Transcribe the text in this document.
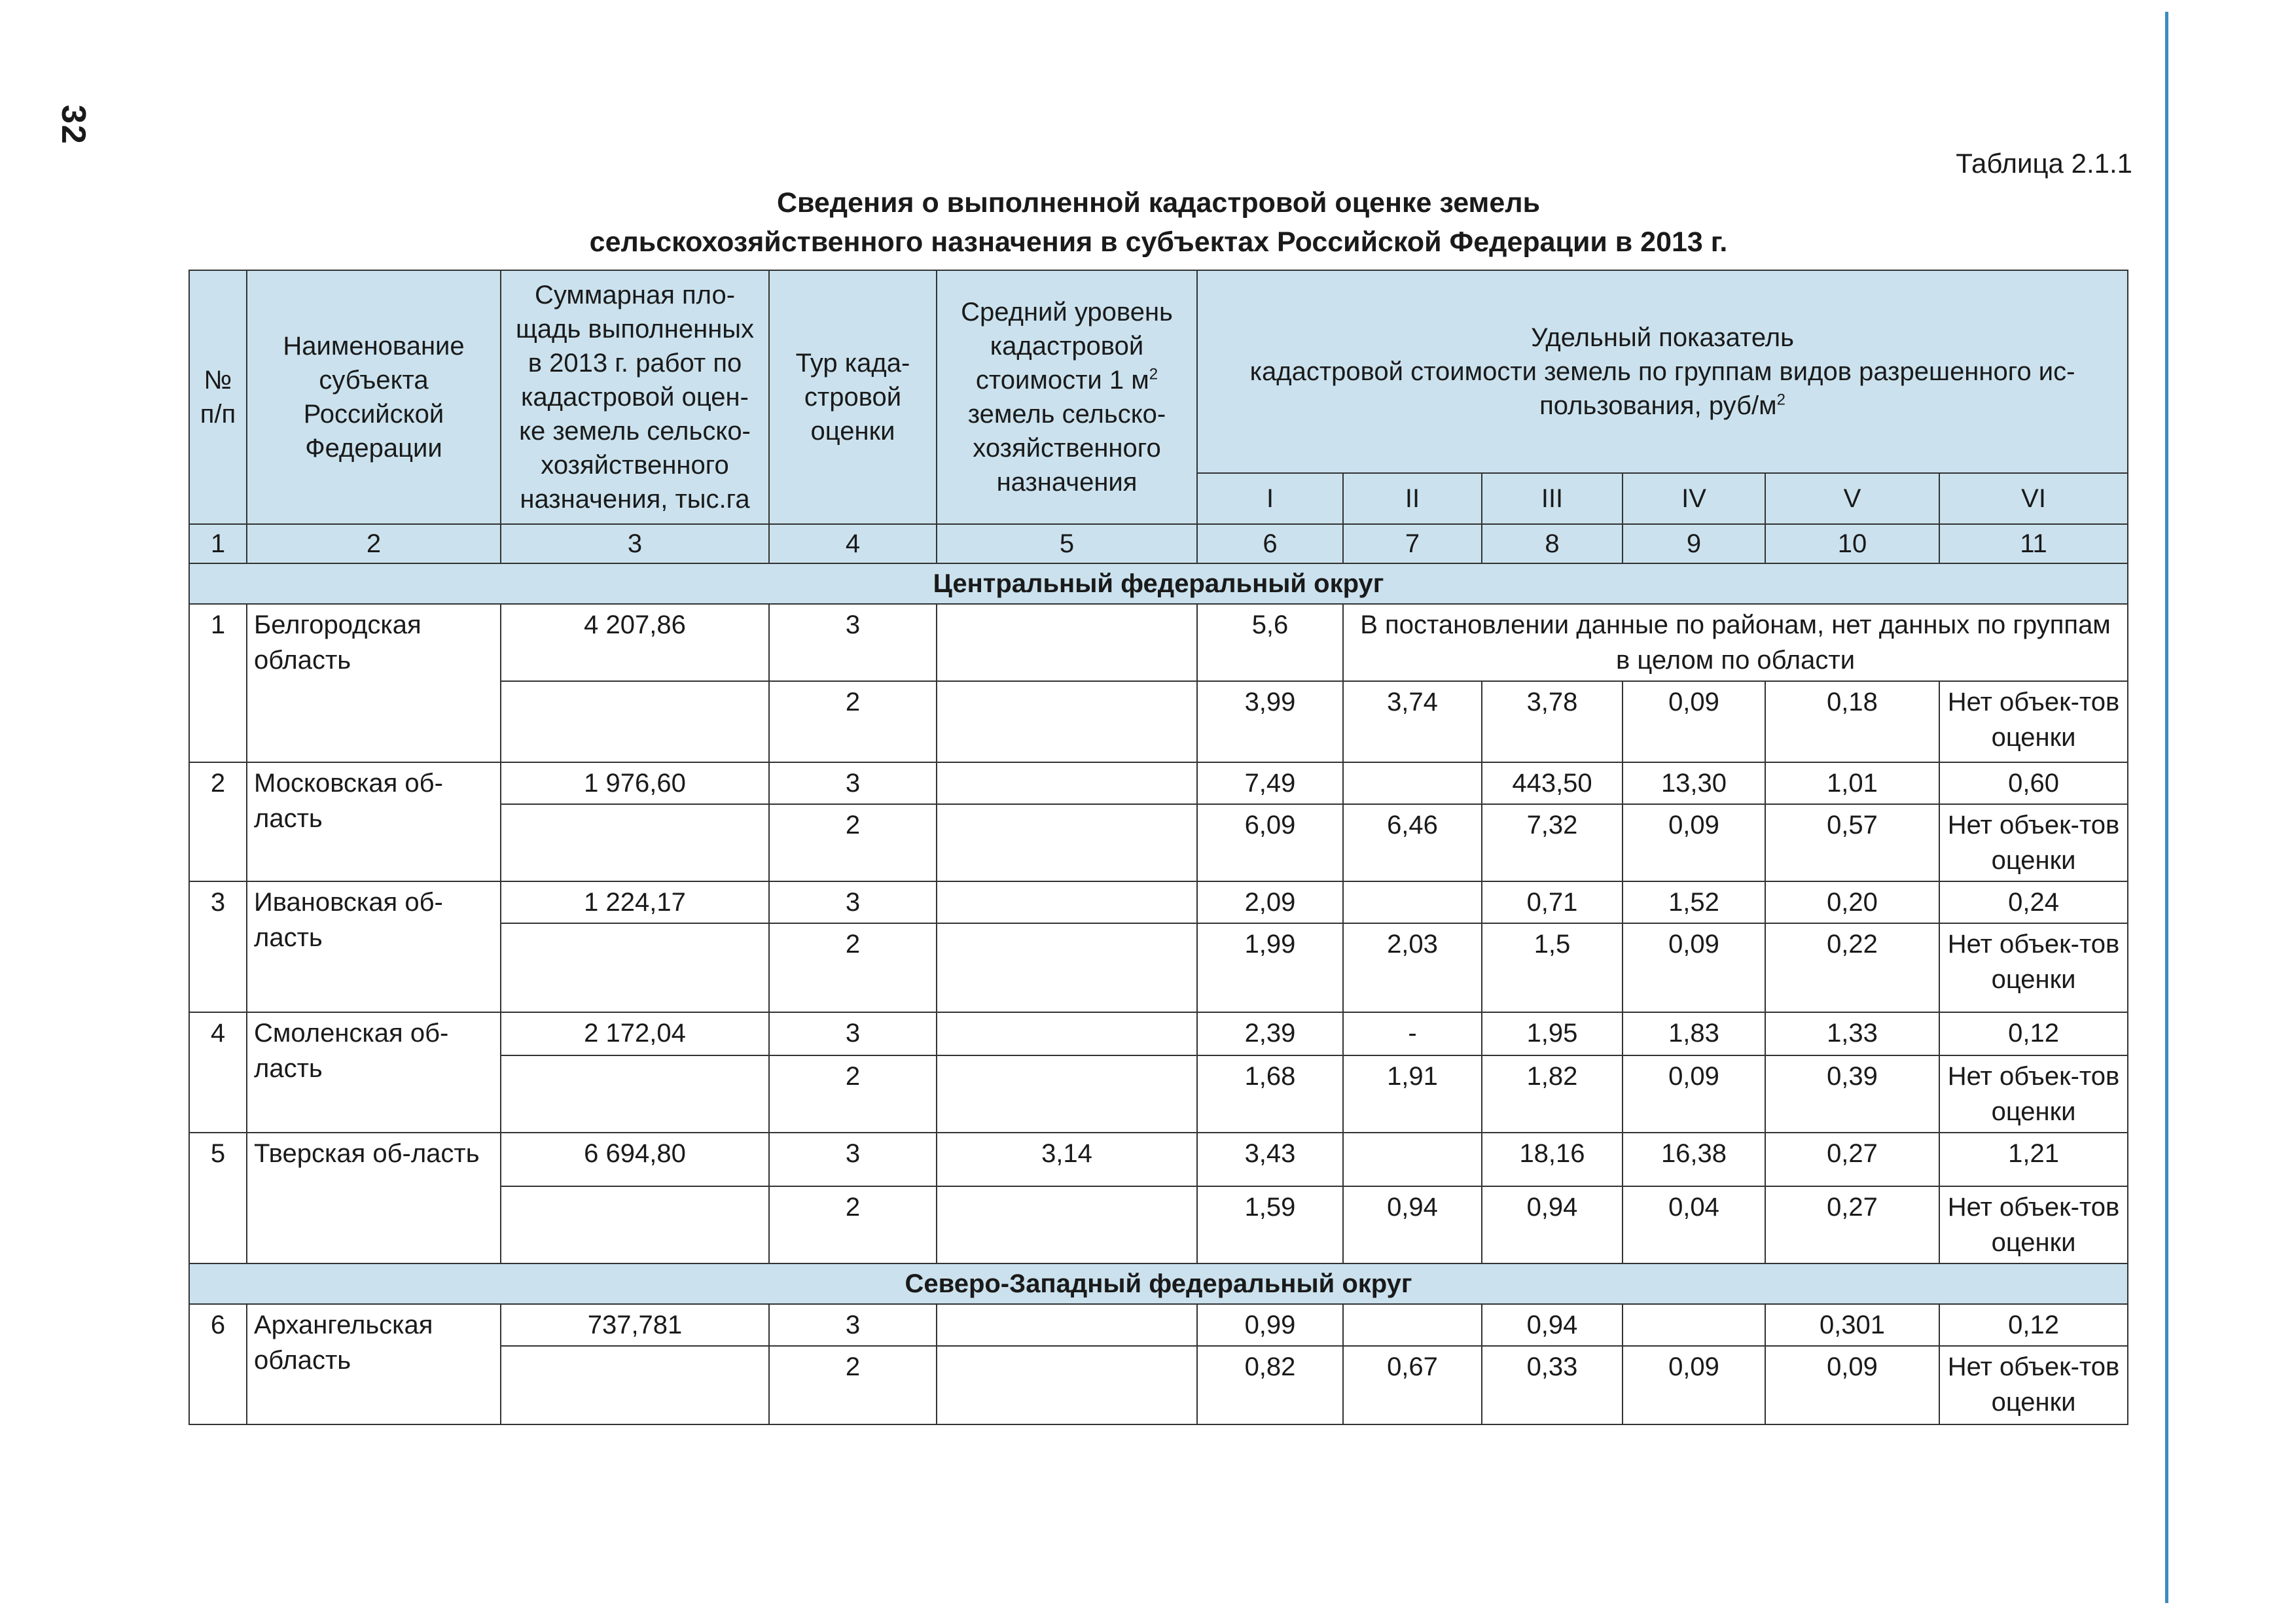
32
Таблица 2.1.1
Сведения о выполненной кадастровой оценке земель
сельскохозяйственного назначения в субъектах Российской Федерации в 2013 г.
№ п/п	Наименование субъекта Российской Федерации	Суммарная пло-щадь выполненных в 2013 г. работ по кадастровой оцен-ке земель сельско-хозяйственного назначения, тыс.га	Тур када-стровой оценки	Средний уровень кадастровой стоимости 1 $м^2$ земель сельско-хозяйственного назначения	Удельный показатель
кадастровой стоимости земель по группам видов разрешенного ис-пользования, руб/$м^2$

					I	II	III	IV	V	VI
1	2	3	4	5	6	7	8	9	10	11
Центральный федеральный округ										
1	Белгородская область	4 207,86	3		5,6	В постановлении данные по районам, нет данных по группам в целом по области				
			2		3,99	3,74	3,78	0,09	0,18	Нет объек-тов оценки
2	Московская об-ласть	1 976,60	3		7,49		443,50	13,30	1,01	0,60
			2		6,09	6,46	7,32	0,09	0,57	Нет объек-тов оценки
3	Ивановская об-ласть	1 224,17	3		2,09		0,71	1,52	0,20	0,24
			2		1,99	2,03	1,5	0,09	0,22	Нет объек-тов оценки
4	Смоленская об-ласть	2 172,04	3		2,39	-	1,95	1,83	1,33	0,12
			2		1,68	1,91	1,82	0,09	0,39	Нет объек-тов оценки
5	Тверская об-ласть	6 694,80	3	3,14	3,43		18,16	16,38	0,27	1,21
			2		1,59	0,94	0,94	0,04	0,27	Нет объек-тов оценки
Северо-Западный федеральный округ										
6	Архангельская область	737,781	3		0,99		0,94		0,301	0,12
			2		0,82	0,67	0,33	0,09	0,09	Нет объек-тов оценки
